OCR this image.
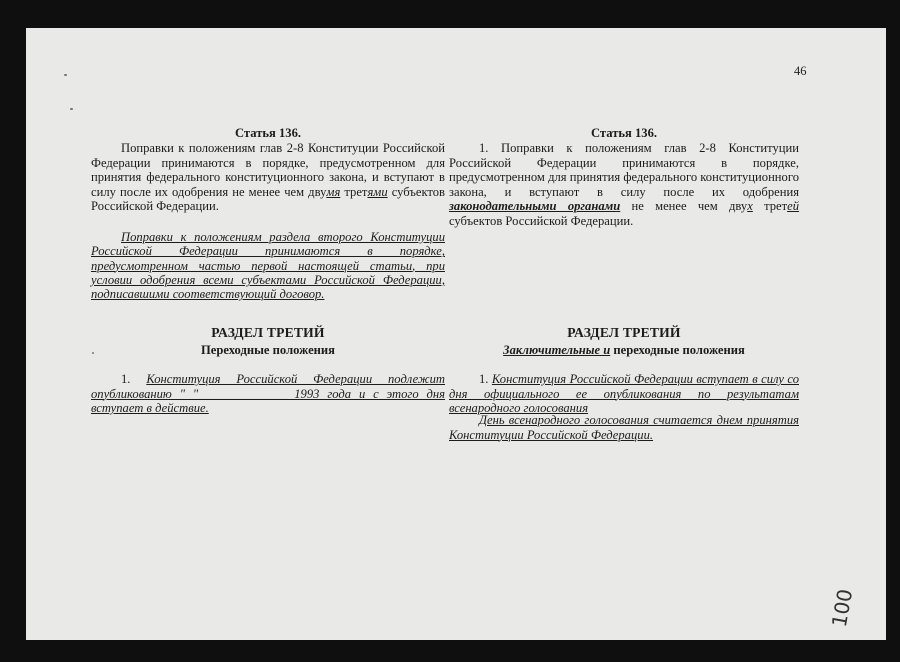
46
Статья 136.
Поправки к положениям глав 2-8 Конституции Российской Федерации принимаются в порядке, предусмотренном для принятия федерального конституционного закона, и вступают в силу после их одобрения не менее чем двумя третями субъектов Российской Федерации.
Поправки к положениям раздела второго Конституции Российской Федерации принимаются в порядке, предусмотренном частью первой настоящей статьи, при условии одобрения всеми субъектами Российской Федерации, подписавшими соответствующий договор.
РАЗДЕЛ ТРЕТИЙ
Переходные положения
1. Конституция Российской Федерации подлежит опубликованию " "______________ 1993 года и с этого дня вступает в действие.
Статья 136.
1. Поправки к положениям глав 2-8 Конституции Российской Федерации принимаются в порядке, предусмотренном для принятия федерального конституционного закона, и вступают в силу после их одобрения законодательными органами не менее чем двух третей субъектов Российской Федерации.
РАЗДЕЛ ТРЕТИЙ
Заключительные и переходные положения
1. Конституция Российской Федерации вступает в силу со дня официального ее опубликования по результатам всенародного голосования
День всенародного голосования считается днем принятия Конституции Российской Федерации.
100
